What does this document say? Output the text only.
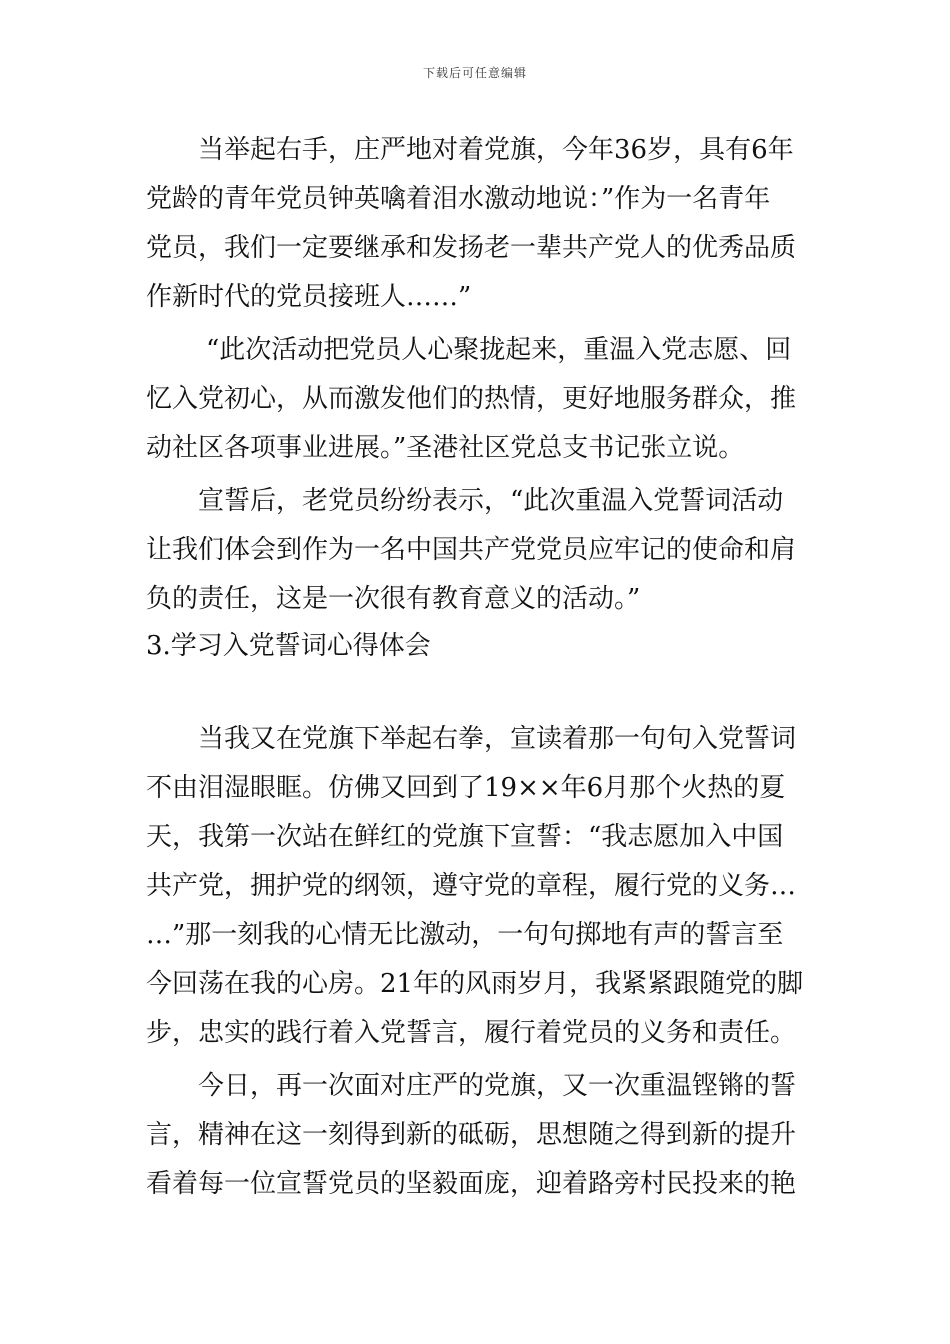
下载后可任意编辑
当举起右手，庄严地对着党旗，今年36岁，具有6年
党龄的青年党员钟英噙着泪水激动地说：”作为一名青年
党员，我们一定要继承和发扬老一辈共产党人的优秀品质
作新时代的党员接班人……”
“此次活动把党员人心聚拢起来，重温入党志愿、回
忆入党初心，从而激发他们的热情，更好地服务群众，推
动社区各项事业进展。”圣港社区党总支书记张立说。
宣誓后，老党员纷纷表示，“此次重温入党誓词活动
让我们体会到作为一名中国共产党党员应牢记的使命和肩
负的责任，这是一次很有教育意义的活动。”
3.学习入党誓词心得体会
当我又在党旗下举起右拳，宣读着那一句句入党誓词
不由泪湿眼眶。仿佛又回到了19××年6月那个火热的夏
天，我第一次站在鲜红的党旗下宣誓：“我志愿加入中国
共产党，拥护党的纲领，遵守党的章程，履行党的义务…
…”那一刻我的心情无比激动，一句句掷地有声的誓言至
今回荡在我的心房。21年的风雨岁月，我紧紧跟随党的脚
步，忠实的践行着入党誓言，履行着党员的义务和责任。
今日，再一次面对庄严的党旗，又一次重温铿锵的誓
言，精神在这一刻得到新的砥砺，思想随之得到新的提升
看着每一位宣誓党员的坚毅面庞，迎着路旁村民投来的艳
